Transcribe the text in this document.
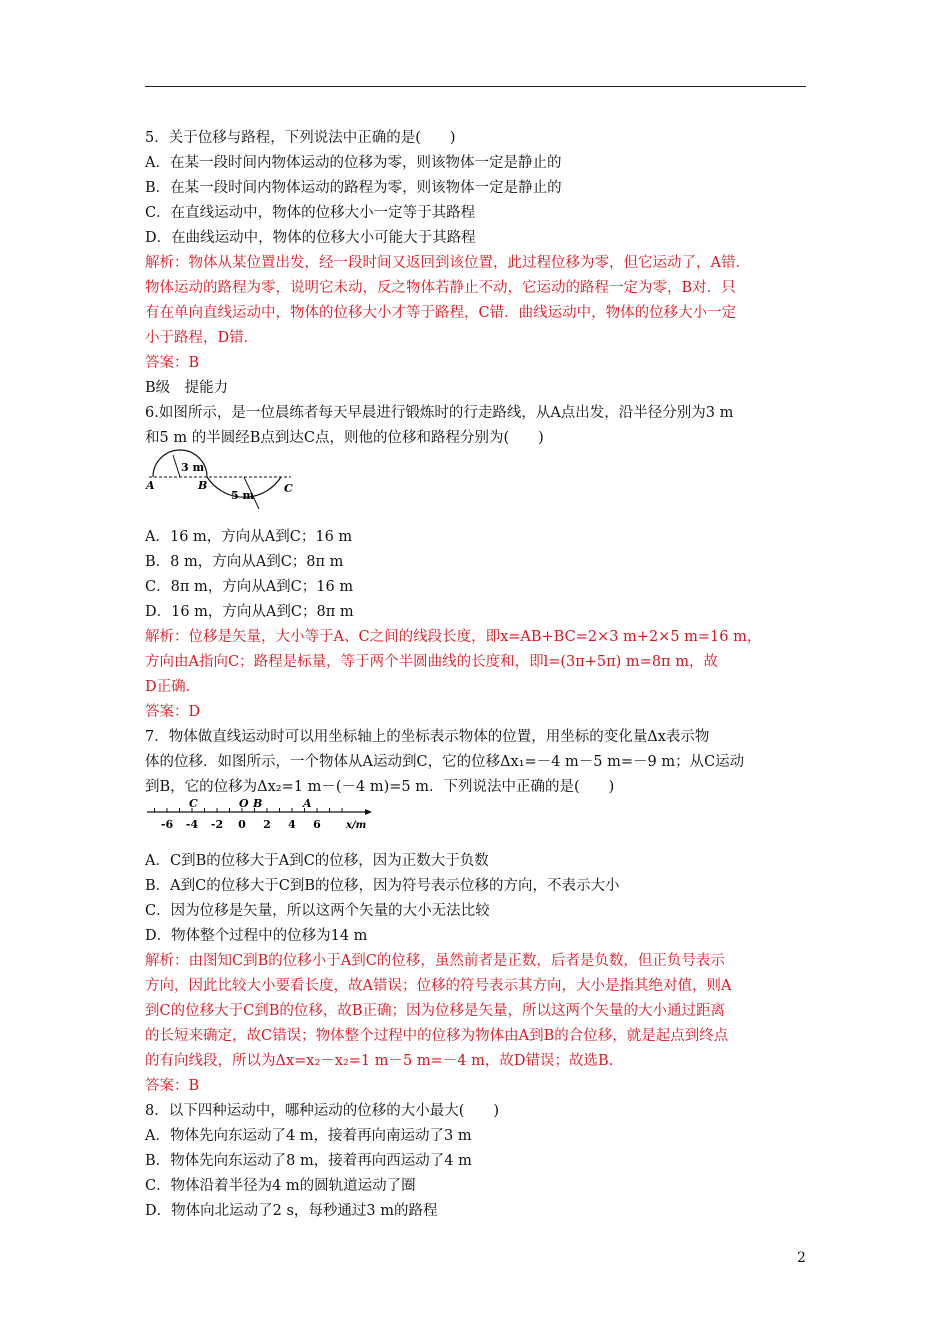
5．关于位移与路程，下列说法中正确的是(　　)

A．在某一段时间内物体运动的位移为零，则该物体一定是静止的

B．在某一段时间内物体运动的路程为零，则该物体一定是静止的

C．在直线运动中，物体的位移大小一定等于其路程

D．在曲线运动中，物体的位移大小可能大于其路程

解析：物体从某位置出发，经一段时间又返回到该位置，此过程位移为零，但它运动了，A错．

物体运动的路程为零，说明它未动，反之物体若静止不动，它运动的路程一定为零，B对．只

有在单向直线运动中，物体的位移大小才等于路程，C错．曲线运动中，物体的位移大小一定

小于路程，D错．

答案：B

B级　提能力

6.如图所示，是一位晨练者每天早晨进行锻炼时的行走路线，从A点出发，沿半径分别为3 m

和5 m 的半圆经B点到达C点，则他的位移和路程分别为(　　)

3 m
5 m
A	B	C

A．16 m，方向从A到C；16 m

B．8 m，方向从A到C；8π m

C．8π m，方向从A到C；16 m

D．16 m，方向从A到C；8π m

解析：位移是矢量，大小等于A、C之间的线段长度，即x=AB+BC=2×3 m+2×5 m=16 m，

方向由A指向C；路程是标量，等于两个半圆曲线的长度和，即l=(3π+5π) m=8π m，故

D正确．

答案：D

7．物体做直线运动时可以用坐标轴上的坐标表示物体的位置，用坐标的变化量Δx表示物

体的位移．如图所示，一个物体从A运动到C，它的位移Δx₁=－4 m－5 m=－9 m；从C运动

到B，它的位移为Δx₂=1 m－(－4 m)=5 m．下列说法中正确的是(　　)

-6 -4 -2 0 2 4 6
C	O B	A
x/m

A．C到B的位移大于A到C的位移，因为正数大于负数

B．A到C的位移大于C到B的位移，因为符号表示位移的方向，不表示大小

C．因为位移是矢量，所以这两个矢量的大小无法比较

D．物体整个过程中的位移为14 m

解析：由图知C到B的位移小于A到C的位移，虽然前者是正数，后者是负数，但正负号表示

方向，因此比较大小要看长度，故A错误；位移的符号表示其方向，大小是指其绝对值，则A

到C的位移大于C到B的位移，故B正确；因为位移是矢量，所以这两个矢量的大小通过距离

的长短来确定，故C错误；物体整个过程中的位移为物体由A到B的合位移，就是起点到终点

的有向线段，所以为Δx=x₂－x₂=1 m－5 m=－4 m，故D错误；故选B.

答案：B

8．以下四种运动中，哪种运动的位移的大小最大(　　)

A．物体先向东运动了4 m，接着再向南运动了3 m

B．物体先向东运动了8 m，接着再向西运动了4 m

C．物体沿着半径为4 m的圆轨道运动了圈

D．物体向北运动了2 s，每秒通过3 m的路程

2
